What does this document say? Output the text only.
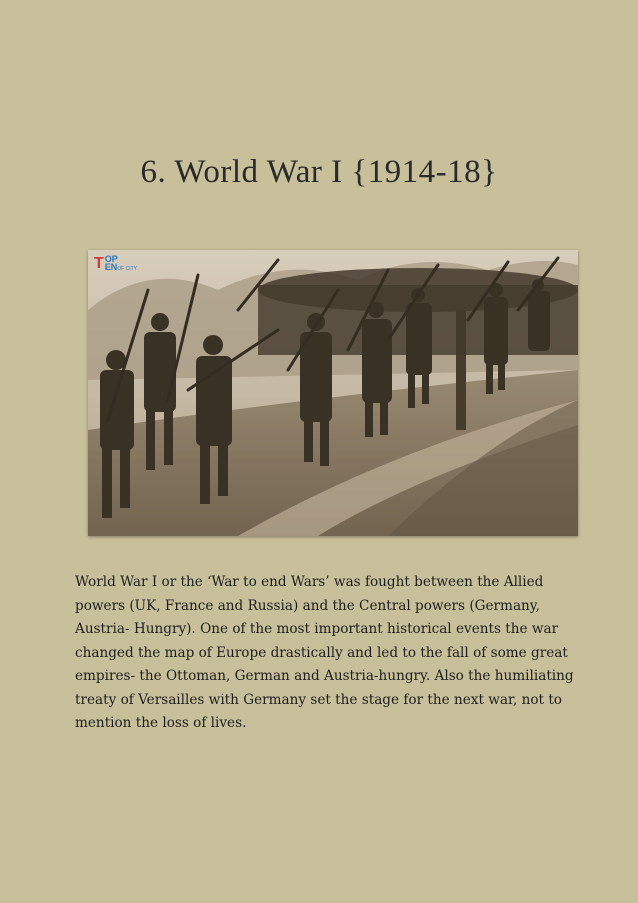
6. World War I {1914-18}
T OP
ENOF CITY

World War I or the ‘War to end Wars’ was fought between the Allied powers (UK, France and Russia) and the Central powers (Germany, Austria- Hungry). One of the most important historical events the war changed the map of Europe drastically and led to the fall of some great empires- the Ottoman, German and Austria-hungry. Also the humiliating treaty of Versailles with Germany set the stage for the next war, not to mention the loss of lives.
